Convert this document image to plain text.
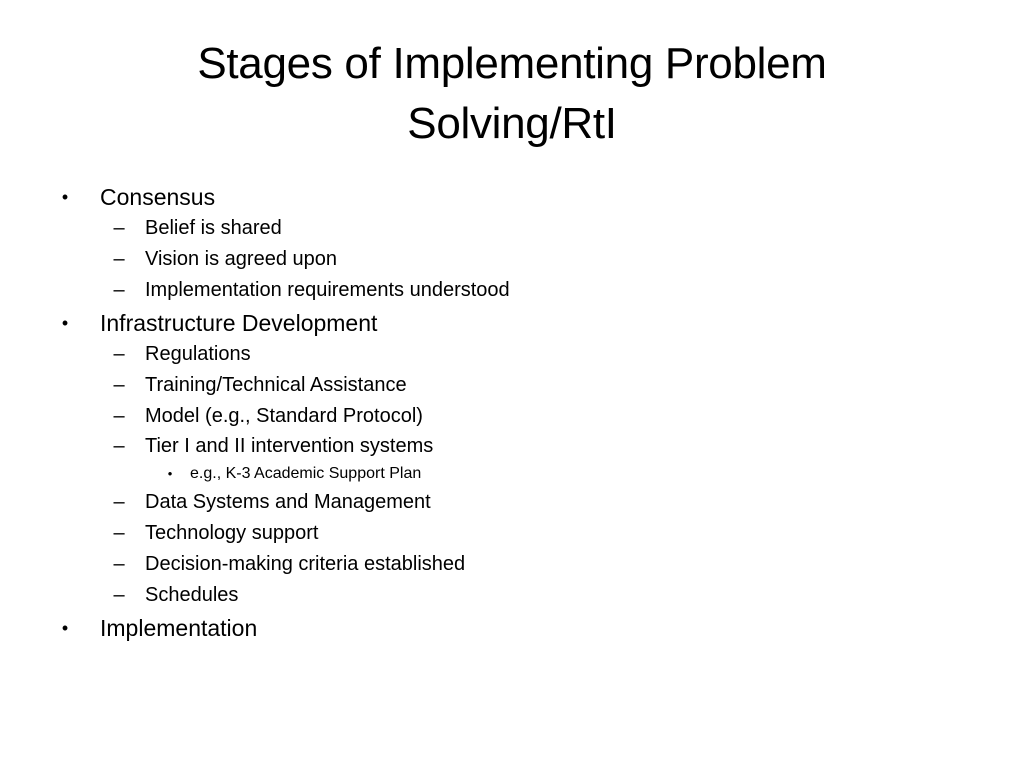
Stages of Implementing Problem
Solving/RtI
• Consensus
– Belief is shared
– Vision is agreed upon
– Implementation requirements understood
• Infrastructure Development
– Regulations
– Training/Technical Assistance
– Model (e.g., Standard Protocol)
– Tier I and II intervention systems
• e.g., K-3 Academic Support Plan
– Data Systems and Management
– Technology support
– Decision-making criteria established
– Schedules
• Implementation
